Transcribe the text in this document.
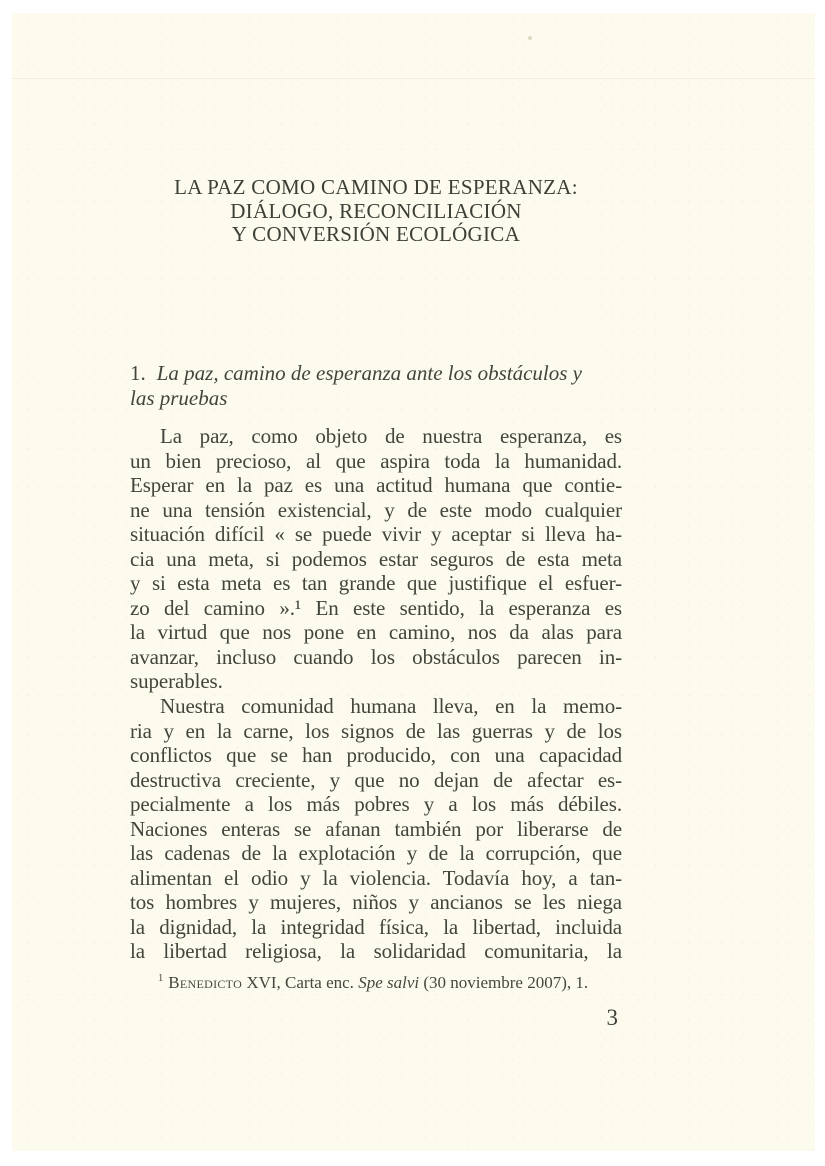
LA PAZ COMO CAMINO DE ESPERANZA:
DIÁLOGO, RECONCILIACIÓN
Y CONVERSIÓN ECOLÓGICA
1. La paz, camino de esperanza ante los obstáculos y
las pruebas
La paz, como objeto de nuestra esperanza, es
un bien precioso, al que aspira toda la humanidad.
Esperar en la paz es una actitud humana que contie-
ne una tensión existencial, y de este modo cualquier
situación difícil « se puede vivir y aceptar si lleva ha-
cia una meta, si podemos estar seguros de esta meta
y si esta meta es tan grande que justifique el esfuer-
zo del camino ».¹ En este sentido, la esperanza es
la virtud que nos pone en camino, nos da alas para
avanzar, incluso cuando los obstáculos parecen in-
superables.
Nuestra comunidad humana lleva, en la memo-
ria y en la carne, los signos de las guerras y de los
conflictos que se han producido, con una capacidad
destructiva creciente, y que no dejan de afectar es-
pecialmente a los más pobres y a los más débiles.
Naciones enteras se afanan también por liberarse de
las cadenas de la explotación y de la corrupción, que
alimentan el odio y la violencia. Todavía hoy, a tan-
tos hombres y mujeres, niños y ancianos se les niega
la dignidad, la integridad física, la libertad, incluida
la libertad religiosa, la solidaridad comunitaria, la
$^1$ Benedicto XVI, Carta enc. Spe salvi (30 noviembre 2007), 1.
3
